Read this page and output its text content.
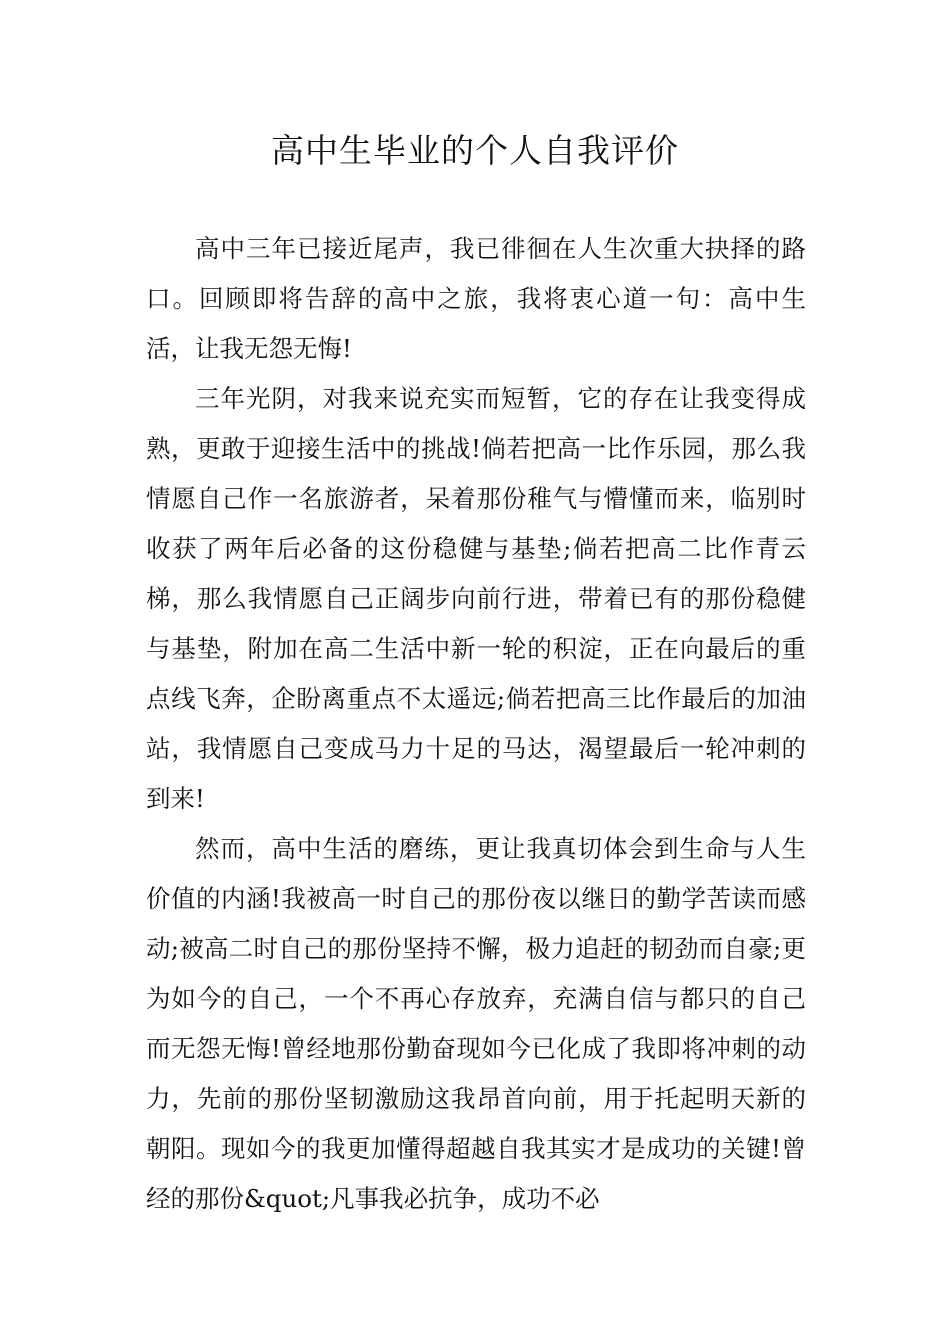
高中生毕业的个人自我评价

高中三年已接近尾声，我已徘徊在人生次重大抉择的路口。回顾即将告辞的高中之旅，我将衷心道一句：高中生活，让我无怨无悔!

三年光阴，对我来说充实而短暂，它的存在让我变得成熟，更敢于迎接生活中的挑战!倘若把高一比作乐园，那么我情愿自己作一名旅游者，呆着那份稚气与懵懂而来，临别时收获了两年后必备的这份稳健与基垫;倘若把高二比作青云梯，那么我情愿自己正阔步向前行进，带着已有的那份稳健与基垫，附加在高二生活中新一轮的积淀，正在向最后的重点线飞奔，企盼离重点不太遥远;倘若把高三比作最后的加油站，我情愿自己变成马力十足的马达，渴望最后一轮冲刺的到来!

然而，高中生活的磨练，更让我真切体会到生命与人生价值的内涵!我被高一时自己的那份夜以继日的勤学苦读而感动;被高二时自己的那份坚持不懈，极力追赶的韧劲而自豪;更为如今的自己，一个不再心存放弃，充满自信与都只的自己而无怨无悔!曾经地那份勤奋现如今已化成了我即将冲刺的动力，先前的那份坚韧激励这我昂首向前，用于托起明天新的朝阳。现如今的我更加懂得超越自我其实才是成功的关键!曾经的那份&quot;凡事我必抗争，成功不必
